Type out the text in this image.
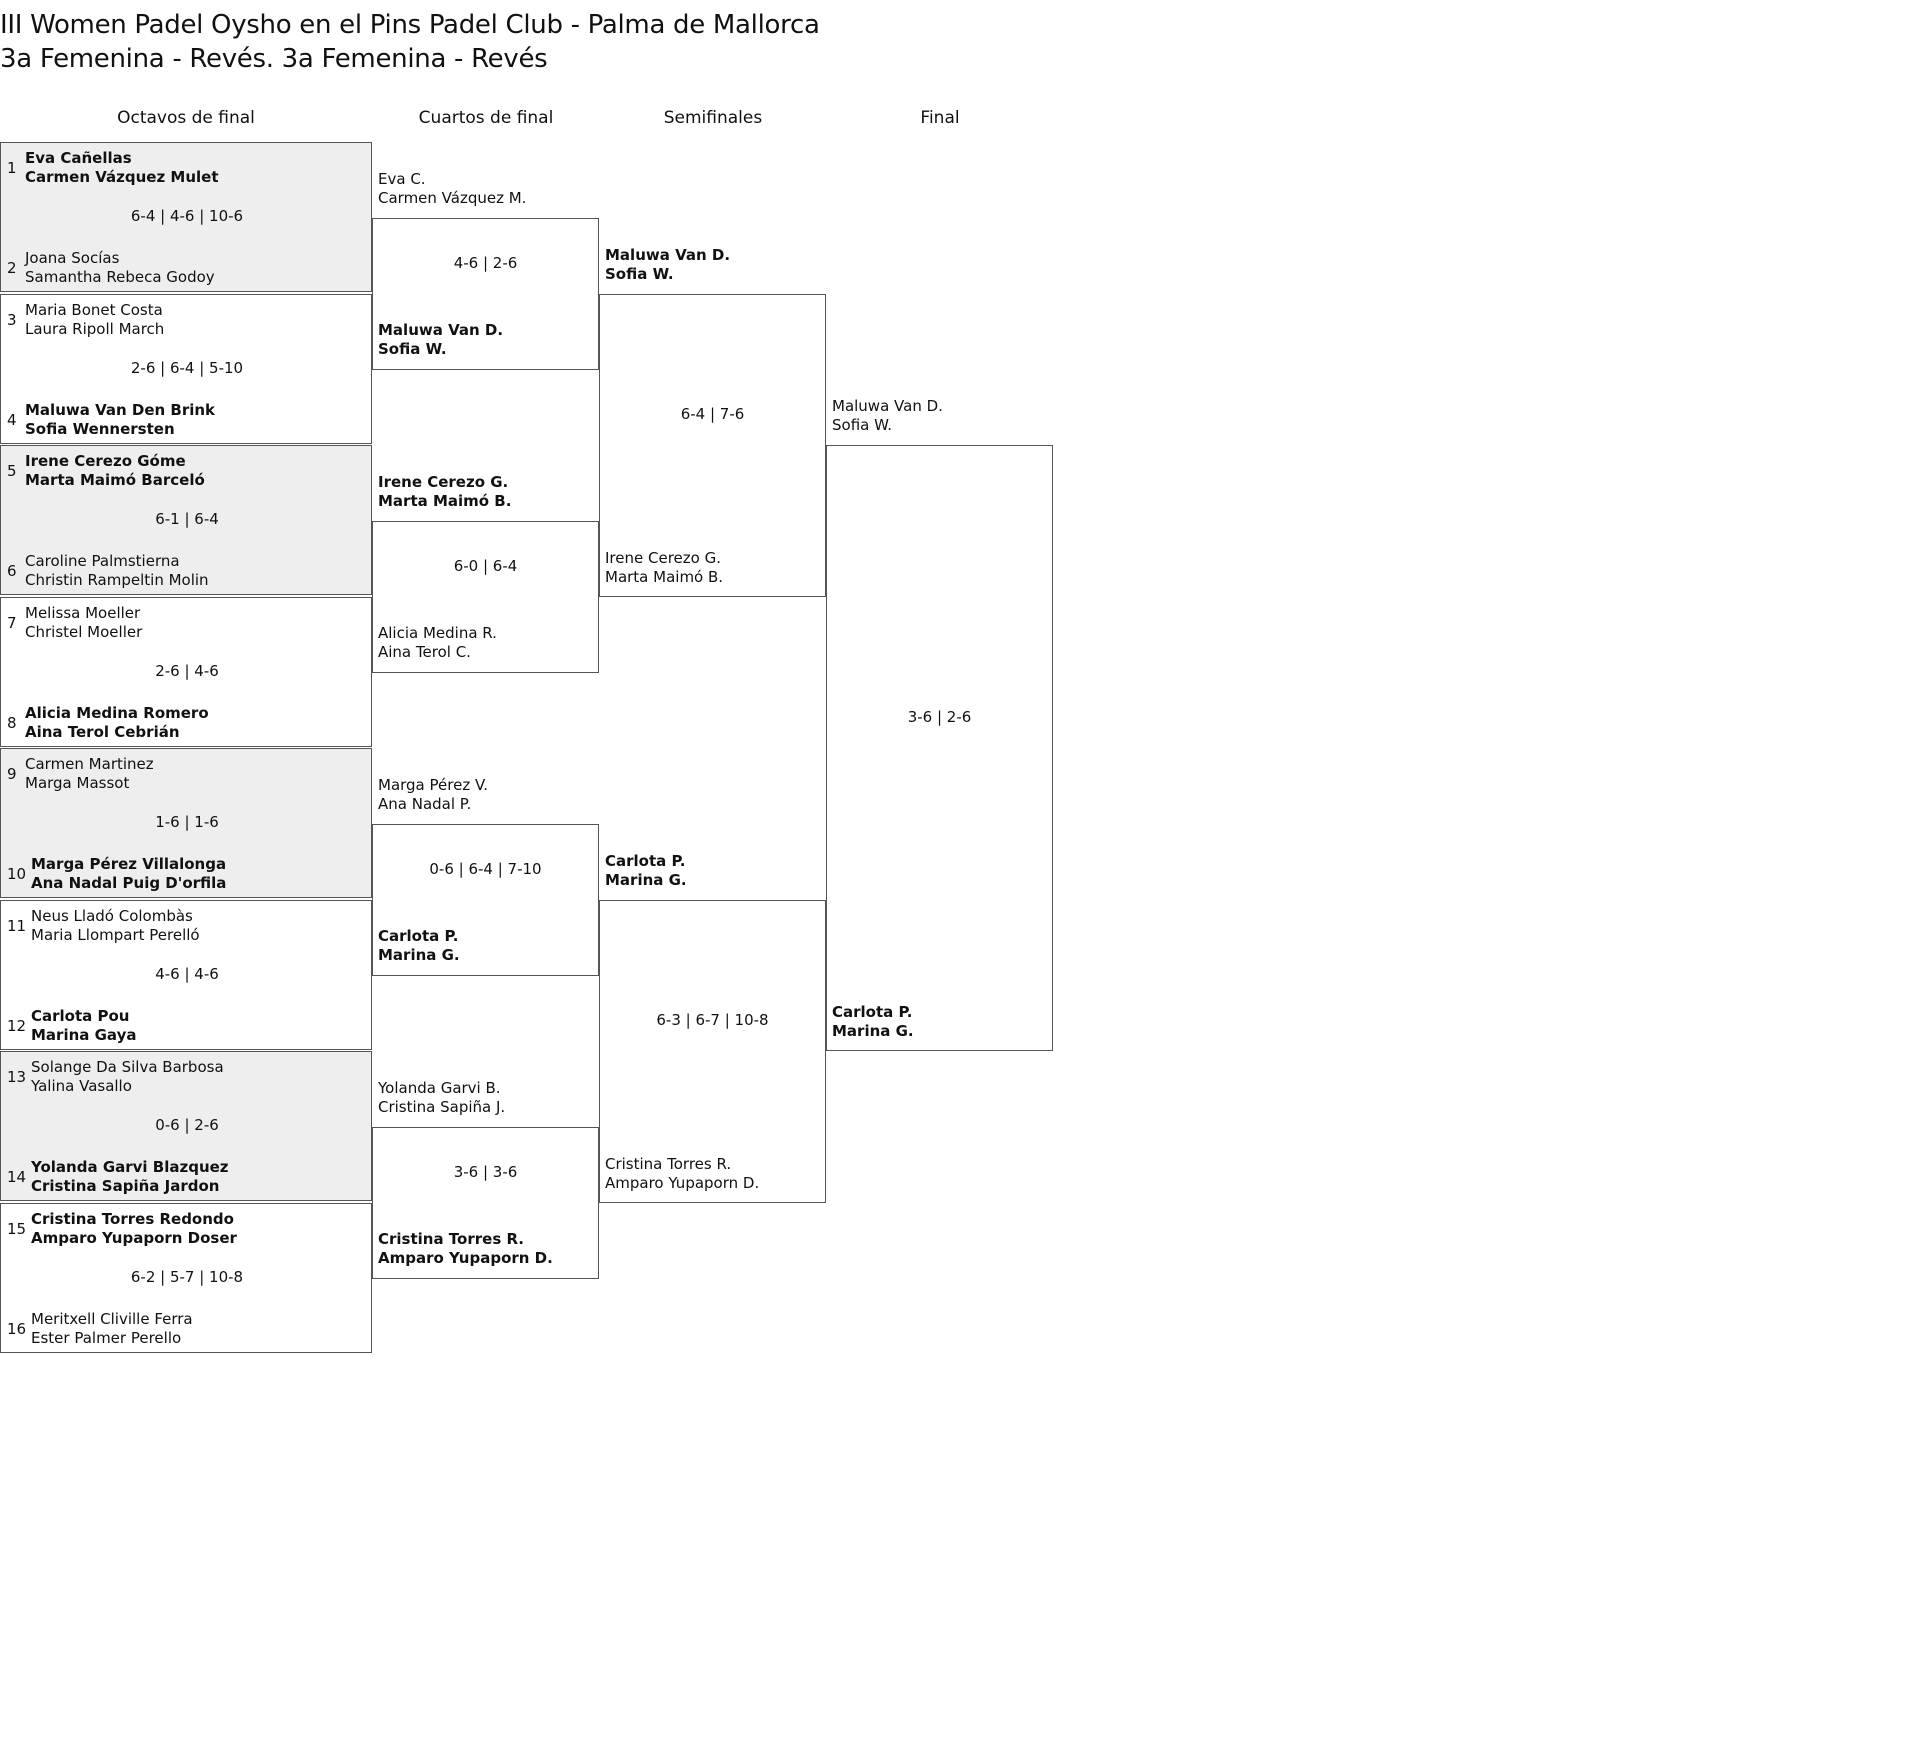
III Women Padel Oysho en el Pins Padel Club - Palma de Mallorca
3a Femenina - Revés. 3a Femenina - Revés
Octavos de final	Cuartos de final	Semifinales	Final
1
Eva Cañellas
Carmen Vázquez Mulet
2
Joana Socías
Samantha Rebeca Godoy
6-4 | 4-6 | 10-6
3
Maria Bonet Costa
Laura Ripoll March
4
Maluwa Van Den Brink
Sofia Wennersten
2-6 | 6-4 | 5-10
5
Irene Cerezo Góme
Marta Maimó Barceló
6
Caroline Palmstierna
Christin Rampeltin Molin
6-1 | 6-4
7
Melissa Moeller
Christel Moeller
8
Alicia Medina Romero
Aina Terol Cebrián
2-6 | 4-6
9
Carmen Martinez
Marga Massot
10
Marga Pérez Villalonga
Ana Nadal Puig D'orfila
1-6 | 1-6
11
Neus Lladó Colombàs
Maria Llompart Perelló
12
Carlota Pou
Marina Gaya
4-6 | 4-6
13
Solange Da Silva Barbosa
Yalina Vasallo
14
Yolanda Garvi Blazquez
Cristina Sapiña Jardon
0-6 | 2-6
15
Cristina Torres Redondo
Amparo Yupaporn Doser
16
Meritxell Cliville Ferra
Ester Palmer Perello
6-2 | 5-7 | 10-8
Eva C.
Carmen Vázquez M.
Maluwa Van D.
Sofia W.
4-6 | 2-6
Irene Cerezo G.
Marta Maimó B.
Alicia Medina R.
Aina Terol C.
6-0 | 6-4
Marga Pérez V.
Ana Nadal P.
Carlota P.
Marina G.
0-6 | 6-4 | 7-10
Yolanda Garvi B.
Cristina Sapiña J.
Cristina Torres R.
Amparo Yupaporn D.
3-6 | 3-6
Maluwa Van D.
Sofia W.
Irene Cerezo G.
Marta Maimó B.
6-4 | 7-6
Carlota P.
Marina G.
Cristina Torres R.
Amparo Yupaporn D.
6-3 | 6-7 | 10-8
Maluwa Van D.
Sofia W.
Carlota P.
Marina G.
3-6 | 2-6
